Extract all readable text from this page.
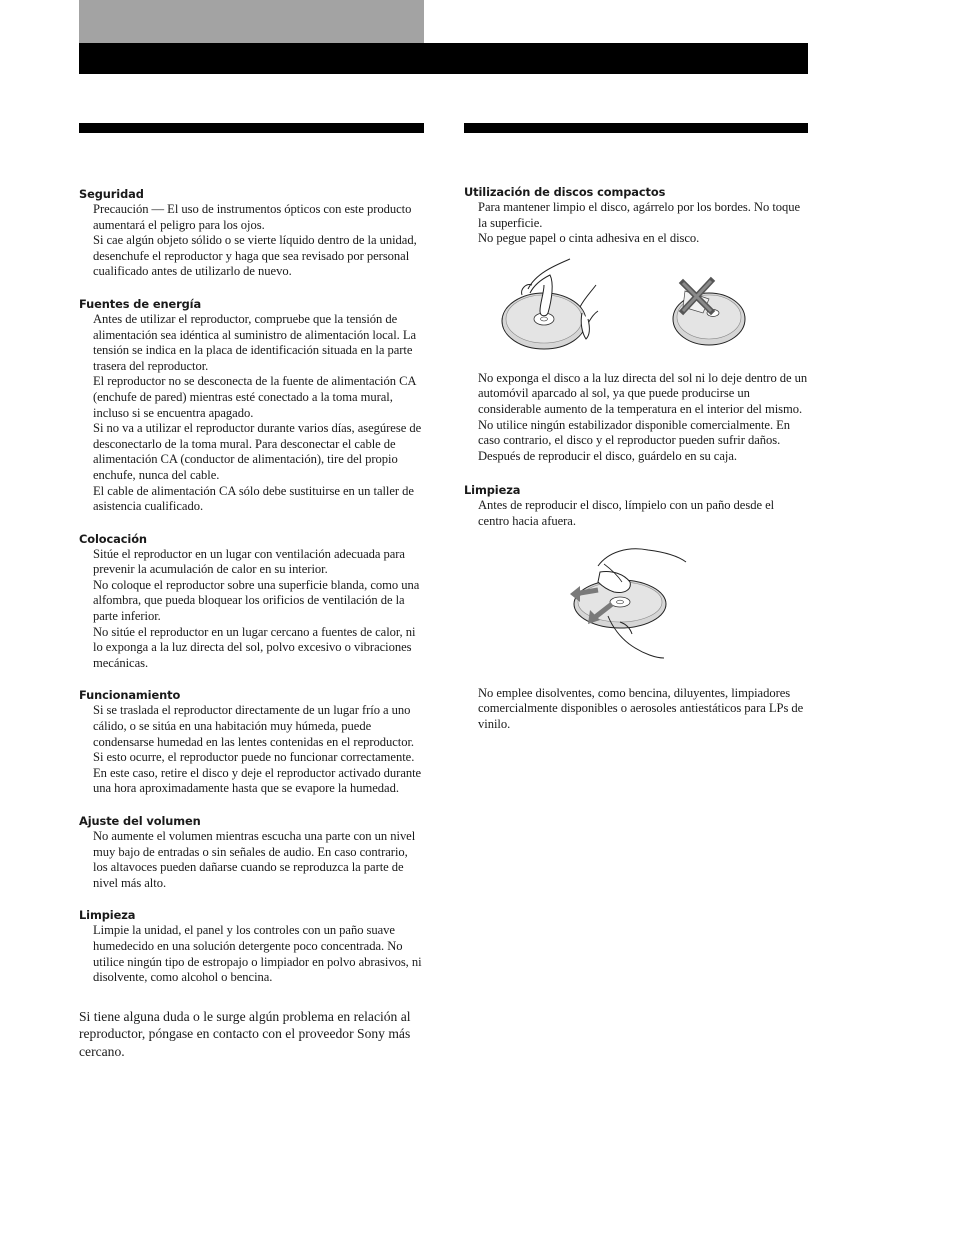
Seguridad

Precaución — El uso de instrumentos ópticos con este producto aumentará el peligro para los ojos.

Si cae algún objeto sólido o se vierte líquido dentro de la unidad, desenchufe el reproductor y haga que sea revisado por personal cualificado antes de utilizarlo de nuevo.

Fuentes de energía

Antes de utilizar el reproductor, compruebe que la tensión de alimentación sea idéntica al suministro de alimentación local. La tensión se indica en la placa de identificación situada en la parte trasera del reproductor.

El reproductor no se desconecta de la fuente de alimentación CA (enchufe de pared) mientras esté conectado a la toma mural, incluso si se encuentra apagado.

Si no va a utilizar el reproductor durante varios días, asegúrese de desconectarlo de la toma mural. Para desconectar el cable de alimentación CA (conductor de alimentación), tire del propio enchufe, nunca del cable.

El cable de alimentación CA sólo debe sustituirse en un taller de asistencia cualificado.

Colocación

Sitúe el reproductor en un lugar con ventilación adecuada para prevenir la acumulación de calor en su interior.

No coloque el reproductor sobre una superficie blanda, como una alfombra, que pueda bloquear los orificios de ventilación de la parte inferior.

No sitúe el reproductor en un lugar cercano a fuentes de calor, ni lo exponga a la luz directa del sol, polvo excesivo o vibraciones mecánicas.

Funcionamiento

Si se traslada el reproductor directamente de un lugar frío a uno cálido, o se sitúa en una habitación muy húmeda, puede condensarse humedad en las lentes contenidas en el reproductor. Si esto ocurre, el reproductor puede no funcionar correctamente. En este caso, retire el disco y deje el reproductor activado durante una hora aproximadamente hasta que se evapore la humedad.

Ajuste del volumen

No aumente el volumen mientras escucha una parte con un nivel muy bajo de entradas o sin señales de audio. En caso contrario, los altavoces pueden dañarse cuando se reproduzca la parte de nivel más alto.

Limpieza

Limpie la unidad, el panel y los controles con un paño suave humedecido en una solución detergente poco concentrada. No utilice ningún tipo de estropajo o limpiador en polvo abrasivos, ni disolvente, como alcohol o bencina.

Si tiene alguna duda o le surge algún problema en relación al reproductor, póngase en contacto con el proveedor Sony más cercano.

Utilización de discos compactos

Para mantener limpio el disco, agárrelo por los bordes. No toque la superficie.

No pegue papel o cinta adhesiva en el disco.

No exponga el disco a la luz directa del sol ni lo deje dentro de un automóvil aparcado al sol, ya que puede producirse un considerable aumento de la temperatura en el interior del mismo.

No utilice ningún estabilizador disponible comercialmente. En caso contrario, el disco y el reproductor pueden sufrir daños.

Después de reproducir el disco, guárdelo en su caja.

Limpieza

Antes de reproducir el disco, límpielo con un paño desde el centro hacia afuera.

No emplee disolventes, como bencina, diluyentes, limpiadores comercialmente disponibles o aerosoles antiestáticos para LPs de vinilo.
